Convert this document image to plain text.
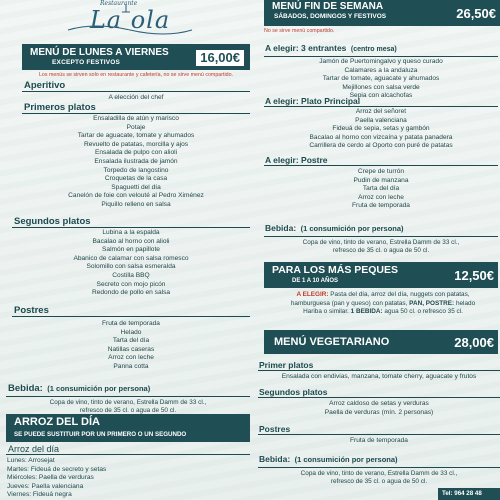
Restaurante
La ola
MENÚ DE LUNES A VIERNES
EXCEPTO FESTIVOS	16,00€
Los menús se sirven solo en restaurante y cafetería, no se sirve menú compartido.
Aperitivo
A elección del chef
Primeros platos
Ensaladilla de atún y marisco
Potaje
Tartar de aguacate, tomate y ahumados
Revuelto de patatas, morcilla y ajos
Ensalada de pulpo con alioli
Ensalada ilustrada de jamón
Torpedo de langostino
Croquetas de la casa
Spaguetti del día
Canelón de foie con velouté al Pedro Ximénez
Piquillo relleno en salsa
Segundos platos
Lubina a la espalda
Bacalao al horno con alioli
Salmón en papillote
Abanico de calamar con salsa romesco
Solomillo con salsa esmeralda
Costilla BBQ
Secreto con mojo picón
Redondo de pollo en salsa
Postres
Fruta de temporada
Helado
Tarta del día
Natillas caseras
Arroz con leche
Panna cotta
Bebida: (1 consumición por persona)
Copa de vino, tinto de verano, Estrella Damm de 33 cl.,
refresco de 35 cl. o agua de 50 cl.
ARROZ DEL DÍA
SE PUEDE SUSTITUIR POR UN PRIMERO O UN SEGUNDO
Arroz del día
Lunes: Arrosejat
Martes: Fideuá de secreto y setas
Miércoles: Paella de verduras
Jueves: Paella valenciana
Viernes: Fideuá negra
MENÚ FIN DE SEMANA
SÁBADOS, DOMINGOS Y FESTIVOS	26,50€
No se sirve menú compartido.
A elegir: 3 entrantes (centro mesa)
Jamón de Puertomingalvo y queso curado
Calamares a la andaluza
Tartar de tomate, aguacate y ahumados
Mejillones con salsa verde
Sepia con alcachofas
A elegir: Plato Principal
Arroz del señoret
Paella valenciana
Fideuá de sepia, setas y gambón
Bacalao al horno con vizcaína y patata panadera
Carrillera de cerdo al Oporto con puré de patatas
A elegir: Postre
Crepe de turrón
Pudin de manzana
Tarta del día
Arroz con leche
Fruta de temporada
Bebida: (1 consumición por persona)
Copa de vino, tinto de verano, Estrella Damm de 33 cl.,
refresco de 35 cl. o agua de 50 cl.
PARA LOS MÁS PEQUES
DE 1 A 10 AÑOS	12,50€
A ELEGIR: Pasta del día, arroz del día, nuggets con patatas,
hamburguesa (pan y queso) con patatas, PAN, POSTRE: helado
Hariba o similar. 1 BEBIDA: agua 50 cl. o refresco 35 cl.
MENÚ VEGETARIANO	28,00€
Primer platos
Ensalada con endivias, manzana, tomate cherry, aguacate y frutos
Segundos platos
Arroz caldoso de setas y verduras
Paella de verduras (mín. 2 personas)
Postres
Fruta de temporada
Bebida: (1 consumición por persona)
Copa de vino, tinto de verano, Estrella Damm de 33 cl.,
refresco de 35 cl. o agua de 50 cl.
Tel: 964 28 48
